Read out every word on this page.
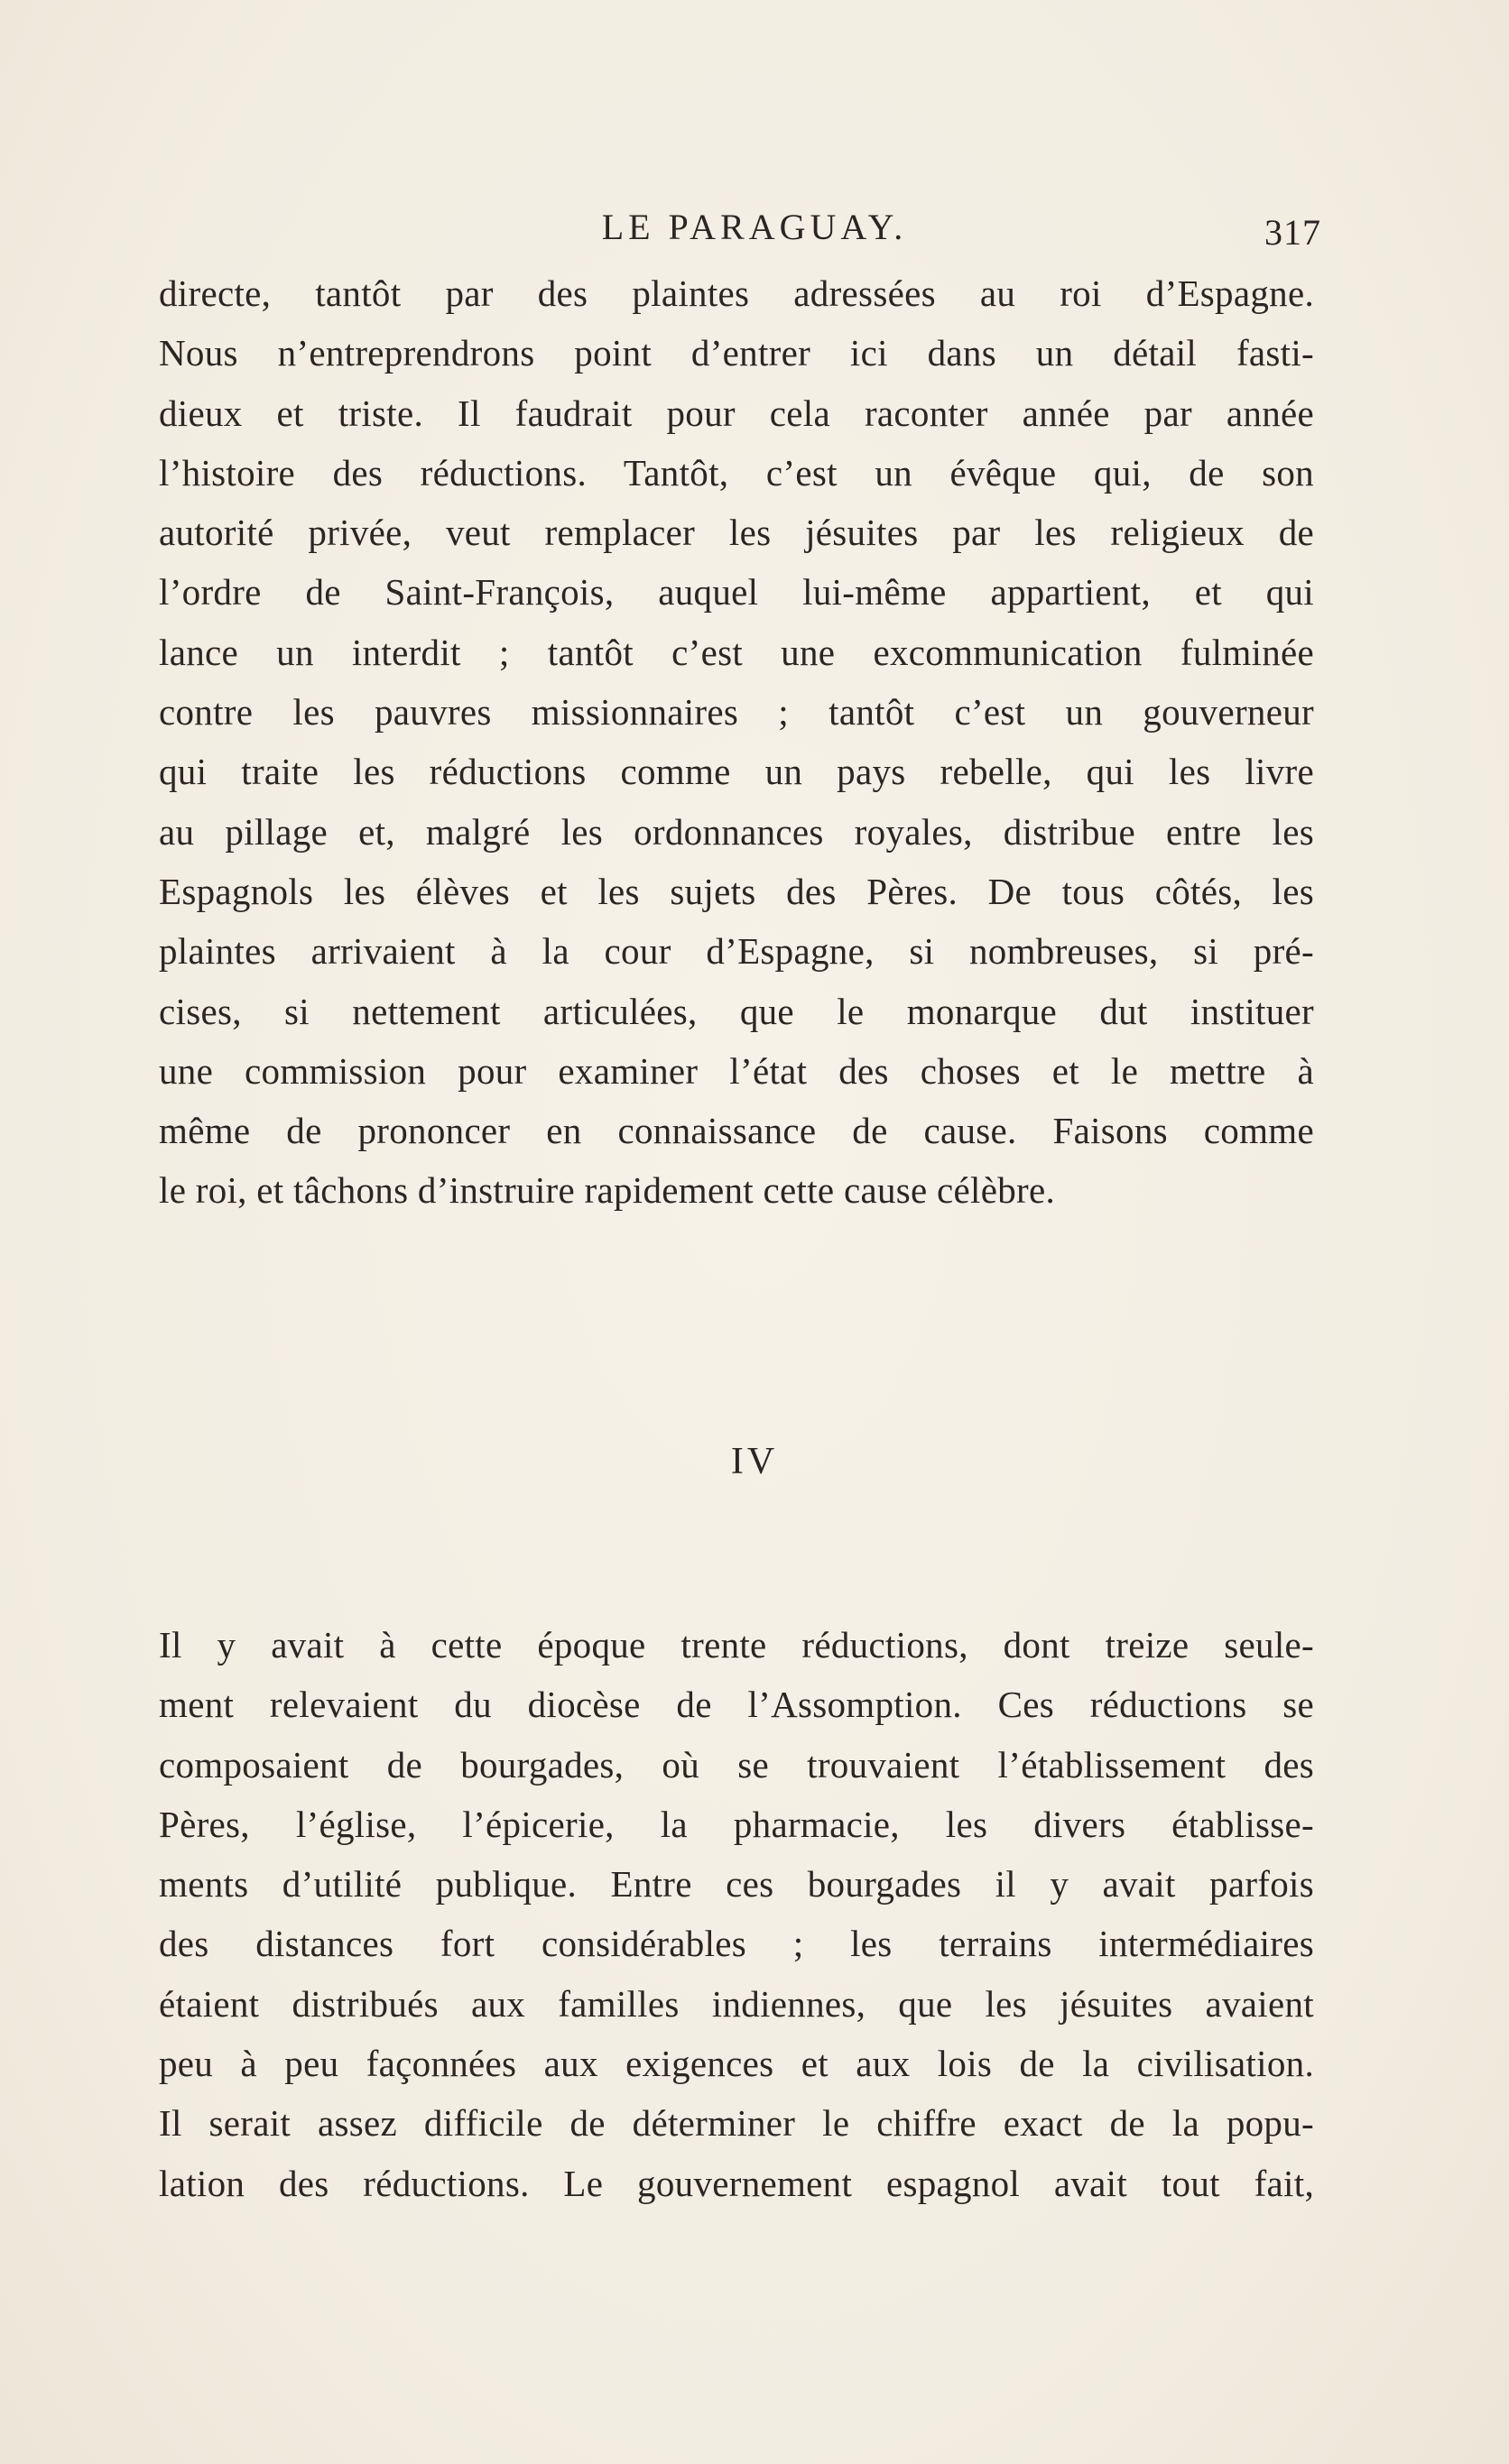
LE PARAGUAY.	317
directe, tantôt par des plaintes adressées au roi d’Espagne.
Nous n’entreprendrons point d’entrer ici dans un détail fasti-
dieux et triste. Il faudrait pour cela raconter année par année
l’histoire des réductions. Tantôt, c’est un évêque qui, de son
autorité privée, veut remplacer les jésuites par les religieux de
l’ordre de Saint-François, auquel lui-même appartient, et qui
lance un interdit ; tantôt c’est une excommunication fulminée
contre les pauvres missionnaires ; tantôt c’est un gouverneur
qui traite les réductions comme un pays rebelle, qui les livre
au pillage et, malgré les ordonnances royales, distribue entre les
Espagnols les élèves et les sujets des Pères. De tous côtés, les
plaintes arrivaient à la cour d’Espagne, si nombreuses, si pré-
cises, si nettement articulées, que le monarque dut instituer
une commission pour examiner l’état des choses et le mettre à
même de prononcer en connaissance de cause. Faisons comme
le roi, et tâchons d’instruire rapidement cette cause célèbre.
IV
Il y avait à cette époque trente réductions, dont treize seule-
ment relevaient du diocèse de l’Assomption. Ces réductions se
composaient de bourgades, où se trouvaient l’établissement des
Pères, l’église, l’épicerie, la pharmacie, les divers établisse-
ments d’utilité publique. Entre ces bourgades il y avait parfois
des distances fort considérables ; les terrains intermédiaires
étaient distribués aux familles indiennes, que les jésuites avaient
peu à peu façonnées aux exigences et aux lois de la civilisation.
Il serait assez difficile de déterminer le chiffre exact de la popu-
lation des réductions. Le gouvernement espagnol avait tout fait,
